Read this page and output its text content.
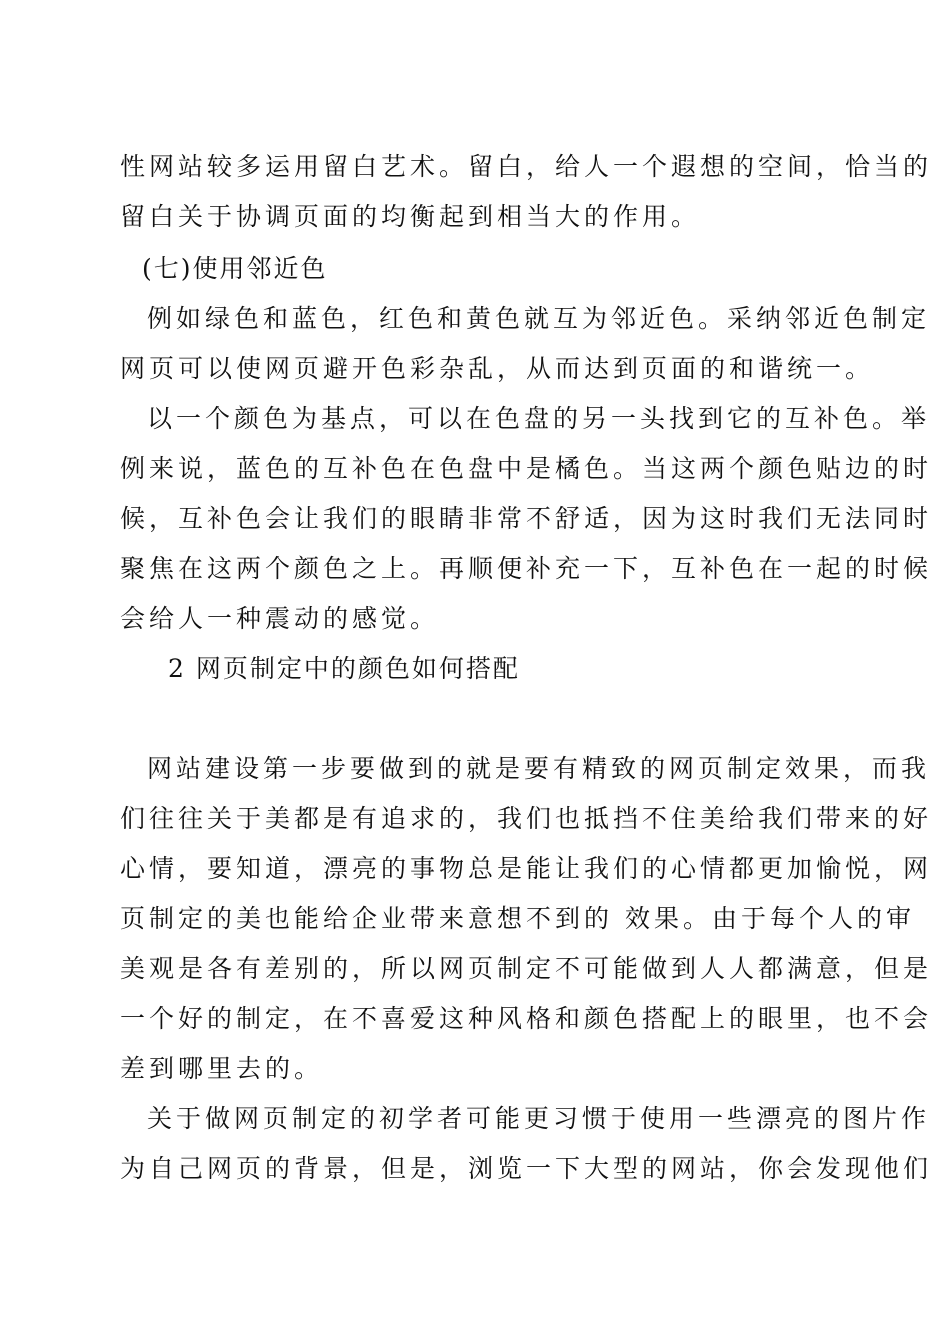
性网站较多运用留白艺术。留白，给人一个遐想的空间，恰当的
留白关于协调页面的均衡起到相当大的作用。
(七)使用邻近色
例如绿色和蓝色，红色和黄色就互为邻近色。采纳邻近色制定
网页可以使网页避开色彩杂乱，从而达到页面的和谐统一。
以一个颜色为基点，可以在色盘的另一头找到它的互补色。举
例来说，蓝色的互补色在色盘中是橘色。当这两个颜色贴边的时
候，互补色会让我们的眼睛非常不舒适，因为这时我们无法同时
聚焦在这两个颜色之上。再顺便补充一下，互补色在一起的时候
会给人一种震动的感觉。
2 网页制定中的颜色如何搭配
网站建设第一步要做到的就是要有精致的网页制定效果，而我
们往往关于美都是有追求的，我们也抵挡不住美给我们带来的好
心情，要知道，漂亮的事物总是能让我们的心情都更加愉悦，网
页制定的美也能给企业带来意想不到的 效果。由于每个人的审
美观是各有差别的，所以网页制定不可能做到人人都满意，但是
一个好的制定，在不喜爱这种风格和颜色搭配上的眼里，也不会
差到哪里去的。
关于做网页制定的初学者可能更习惯于使用一些漂亮的图片作
为自己网页的背景，但是，浏览一下大型的网站，你会发现他们
